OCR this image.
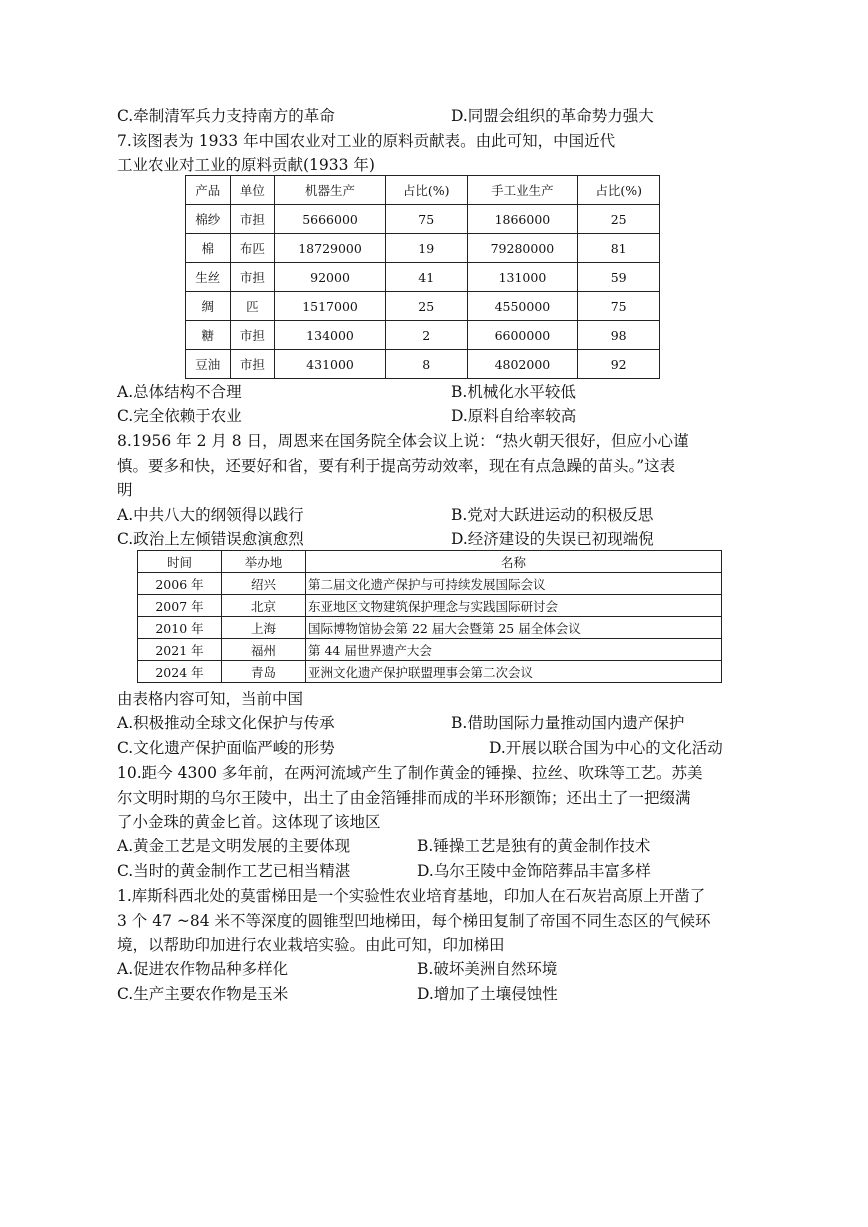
C.牵制清军兵力支持南方的革命	D.同盟会组织的革命势力强大
7.该图表为 1933 年中国农业对工业的原料贡献表。由此可知，中国近代
工业农业对工业的原料贡献(1933 年)
产品	单位	机器生产	占比(%)	手工业生产	占比(%)
棉纱	市担	5666000	75	1866000	25
棉	布匹	18729000	19	79280000	81
生丝	市担	92000	41	131000	59
绸	匹	1517000	25	4550000	75
糖	市担	134000	2	6600000	98
豆油	市担	431000	8	4802000	92
A.总体结构不合理	B.机械化水平较低
C.完全依赖于农业	D.原料自给率较高
8.1956 年 2 月 8 日，周恩来在国务院全体会议上说：“热火朝天很好，但应小心谨
慎。要多和快，还要好和省，要有利于提高劳动效率，现在有点急躁的苗头。”这表
明
A.中共八大的纲领得以践行	B.党对大跃进运动的积极反思
C.政治上左倾错误愈演愈烈	D.经济建设的失误已初现端倪
时间	举办地	名称
2006 年	绍兴	第二届文化遗产保护与可持续发展国际会议
2007 年	北京	东亚地区文物建筑保护理念与实践国际研讨会
2010 年	上海	国际博物馆协会第 22 届大会暨第 25 届全体会议
2021 年	福州	第 44 届世界遗产大会
2024 年	青岛	亚洲文化遗产保护联盟理事会第二次会议
由表格内容可知，当前中国
A.积极推动全球文化保护与传承	B.借助国际力量推动国内遗产保护
C.文化遗产保护面临严峻的形势	D.开展以联合国为中心的文化活动
10.距今 4300 多年前，在两河流域产生了制作黄金的锤操、拉丝、吹珠等工艺。苏美
尔文明时期的乌尔王陵中，出土了由金箔锤排而成的半环形额饰；还出土了一把缀满
了小金珠的黄金匕首。这体现了该地区
A.黄金工艺是文明发展的主要体现	B.锤操工艺是独有的黄金制作技术
C.当时的黄金制作工艺已相当精湛	D.乌尔王陵中金饰陪葬品丰富多样
1.库斯科西北处的莫雷梯田是一个实验性农业培育基地，印加人在石灰岩高原上开凿了
3 个 47 ~84 米不等深度的圆锥型凹地梯田，每个梯田复制了帝国不同生态区的气候环
境，以帮助印加进行农业栽培实验。由此可知，印加梯田
A.促进农作物品种多样化	B.破坏美洲自然环境
C.生产主要农作物是玉米	D.增加了土壤侵蚀性
